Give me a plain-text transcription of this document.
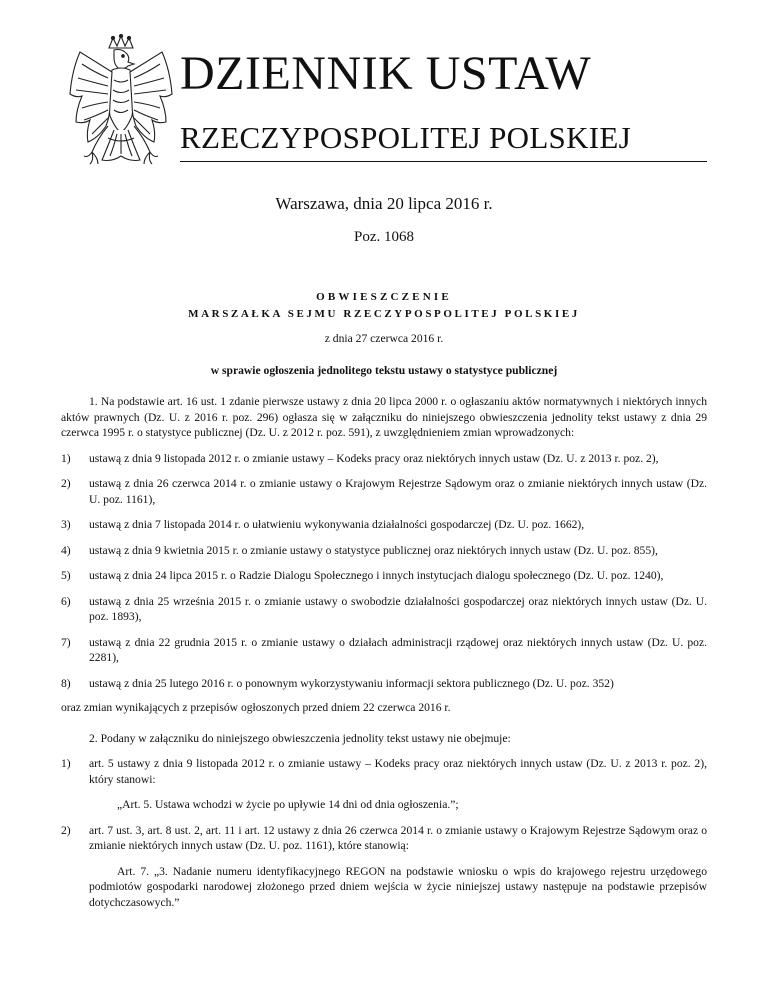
DZIENNIK USTAW
RZECZYPOSPOLITEJ POLSKIEJ
Warszawa, dnia 20 lipca 2016 r.
Poz. 1068
OBWIESZCZENIE
MARSZAŁKA SEJMU RZECZYPOSPOLITEJ POLSKIEJ
z dnia 27 czerwca 2016 r.
w sprawie ogłoszenia jednolitego tekstu ustawy o statystyce publicznej
1. Na podstawie art. 16 ust. 1 zdanie pierwsze ustawy z dnia 20 lipca 2000 r. o ogłaszaniu aktów normatywnych i niektórych innych aktów prawnych (Dz. U. z 2016 r. poz. 296) ogłasza się w załączniku do niniejszego obwieszczenia jednolity tekst ustawy z dnia 29 czerwca 1995 r. o statystyce publicznej (Dz. U. z 2012 r. poz. 591), z uwzględnieniem zmian wprowadzonych:
1)	ustawą z dnia 9 listopada 2012 r. o zmianie ustawy – Kodeks pracy oraz niektórych innych ustaw (Dz. U. z 2013 r. poz. 2),
2)	ustawą z dnia 26 czerwca 2014 r. o zmianie ustawy o Krajowym Rejestrze Sądowym oraz o zmianie niektórych innych ustaw (Dz. U. poz. 1161),
3)	ustawą z dnia 7 listopada 2014 r. o ułatwieniu wykonywania działalności gospodarczej (Dz. U. poz. 1662),
4)	ustawą z dnia 9 kwietnia 2015 r. o zmianie ustawy o statystyce publicznej oraz niektórych innych ustaw (Dz. U. poz. 855),
5)	ustawą z dnia 24 lipca 2015 r. o Radzie Dialogu Społecznego i innych instytucjach dialogu społecznego (Dz. U. poz. 1240),
6)	ustawą z dnia 25 września 2015 r. o zmianie ustawy o swobodzie działalności gospodarczej oraz niektórych innych ustaw (Dz. U. poz. 1893),
7)	ustawą z dnia 22 grudnia 2015 r. o zmianie ustawy o działach administracji rządowej oraz niektórych innych ustaw (Dz. U. poz. 2281),
8)	ustawą z dnia 25 lutego 2016 r. o ponownym wykorzystywaniu informacji sektora publicznego (Dz. U. poz. 352)
oraz zmian wynikających z przepisów ogłoszonych przed dniem 22 czerwca 2016 r.
2. Podany w załączniku do niniejszego obwieszczenia jednolity tekst ustawy nie obejmuje:
1)	art. 5 ustawy z dnia 9 listopada 2012 r. o zmianie ustawy – Kodeks pracy oraz niektórych innych ustaw (Dz. U. z 2013 r. poz. 2), który stanowi:
„Art. 5. Ustawa wchodzi w życie po upływie 14 dni od dnia ogłoszenia.”;
2)	art. 7 ust. 3, art. 8 ust. 2, art. 11 i art. 12 ustawy z dnia 26 czerwca 2014 r. o zmianie ustawy o Krajowym Rejestrze Sądowym oraz o zmianie niektórych innych ustaw (Dz. U. poz. 1161), które stanowią:
Art. 7. „3. Nadanie numeru identyfikacyjnego REGON na podstawie wniosku o wpis do krajowego rejestru urzędowego podmiotów gospodarki narodowej złożonego przed dniem wejścia w życie niniejszej ustawy następuje na podstawie przepisów dotychczasowych.”
